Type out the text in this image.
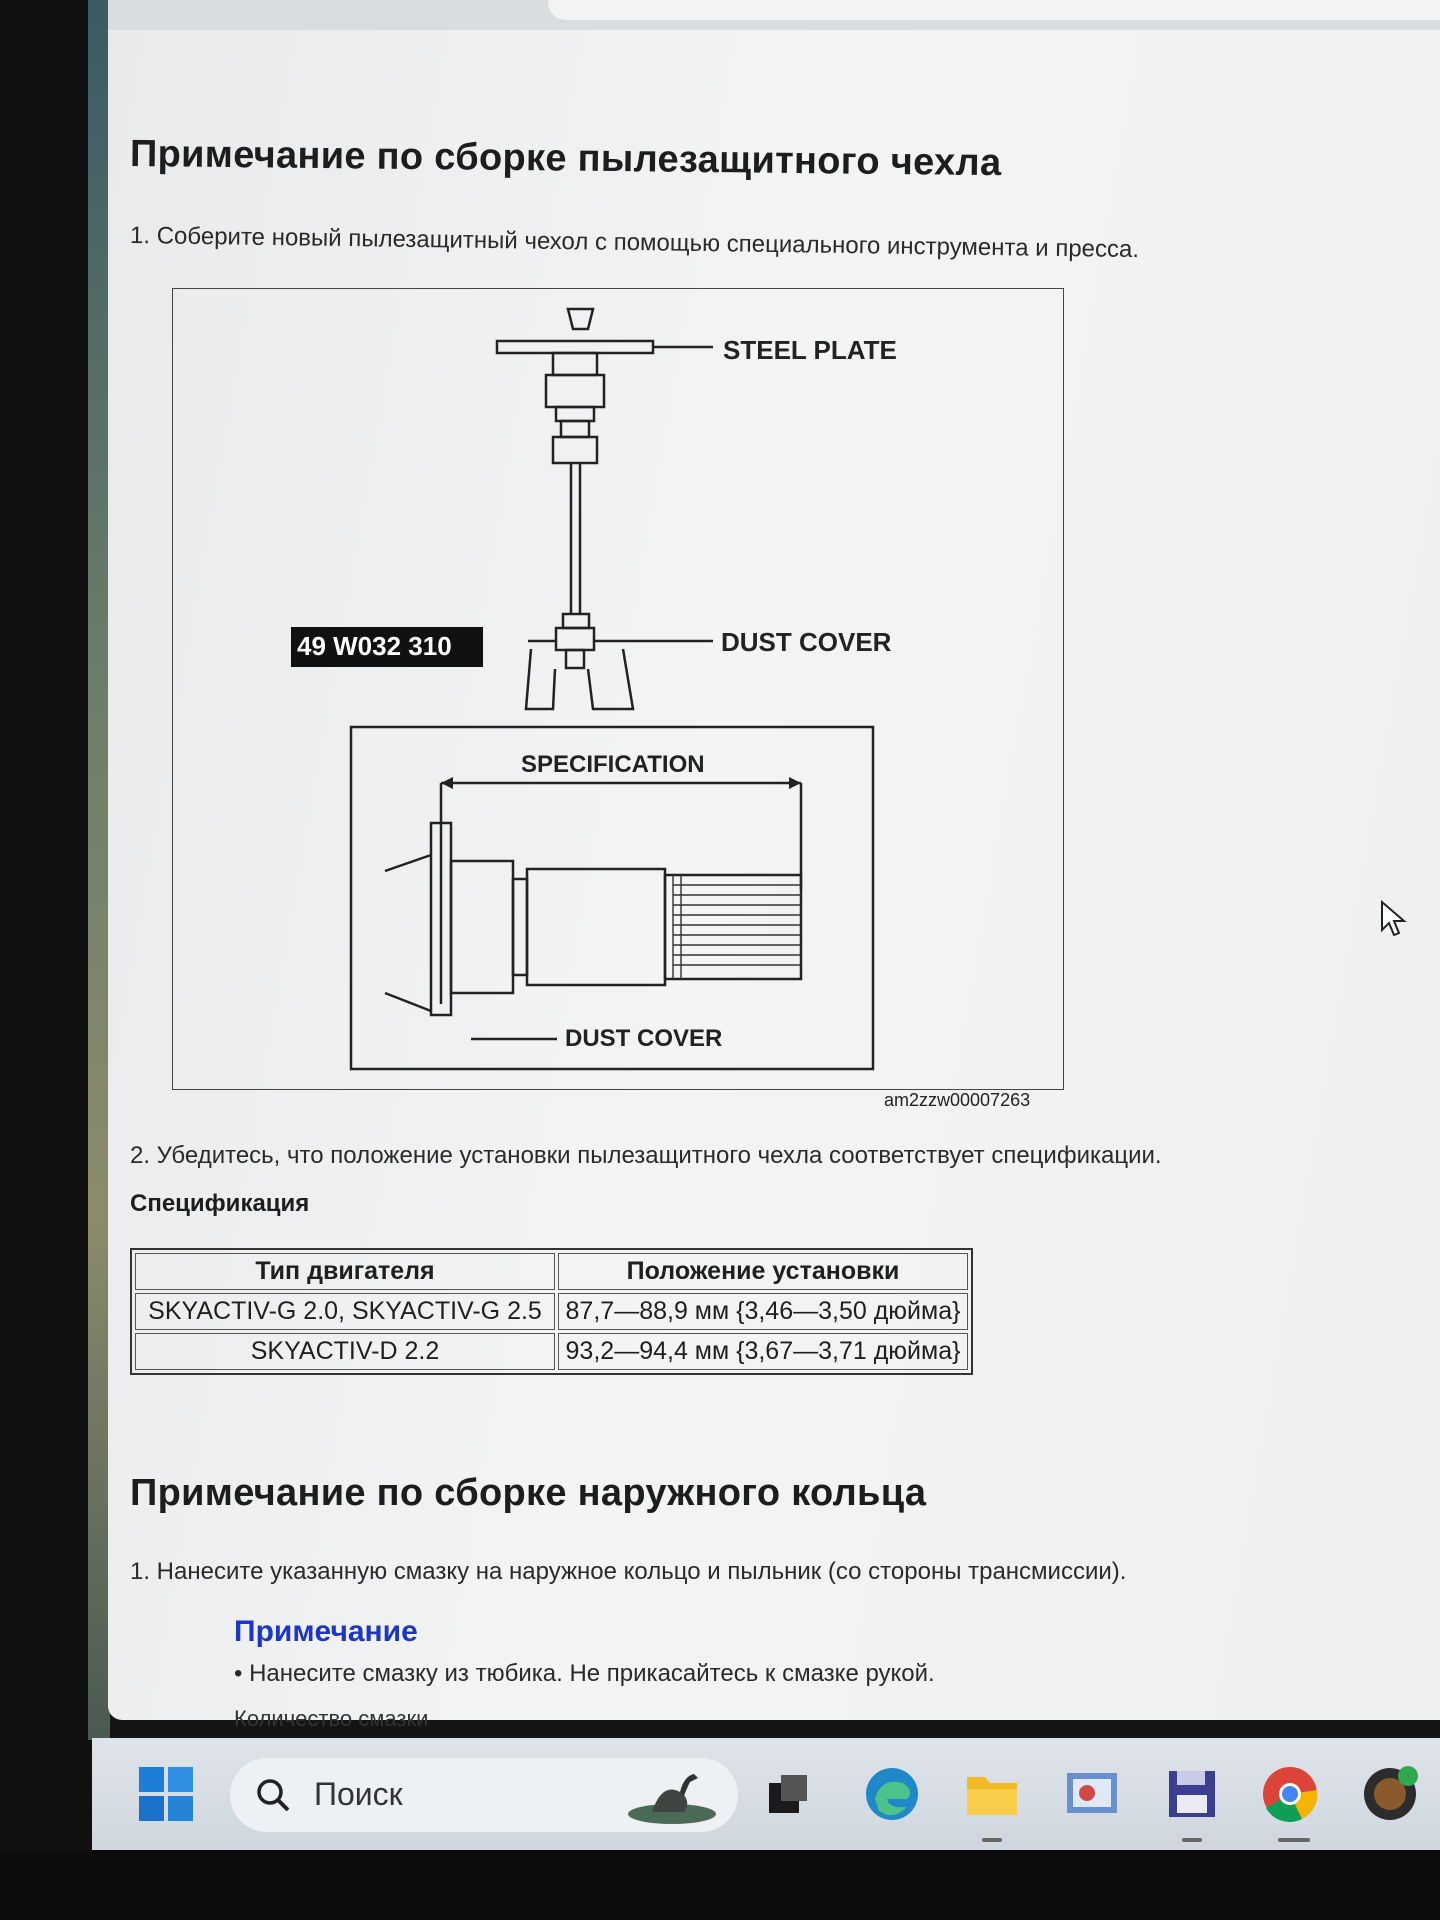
Примечание по сборке пылезащитного чехла
1. Соберите новый пылезащитный чехол с помощью специального инструмента и пресса.
STEEL PLATE
49 W032 310	DUST COVER
SPECIFICATION
DUST COVER
am2zzw00007263
2. Убедитесь, что положение установки пылезащитного чехла соответствует спецификации.
Спецификация
Тип двигателя	Положение установки
SKYACTIV-G 2.0, SKYACTIV-G 2.5	87,7—88,9 мм {3,46—3,50 дюйма}
SKYACTIV-D 2.2	93,2—94,4 мм {3,67—3,71 дюйма}
Примечание по сборке наружного кольца
1. Нанесите указанную смазку на наружное кольцо и пыльник (со стороны трансмиссии).
Примечание
• Нанесите смазку из тюбика. Не прикасайтесь к смазке рукой.
Количество смазки
Поиск
